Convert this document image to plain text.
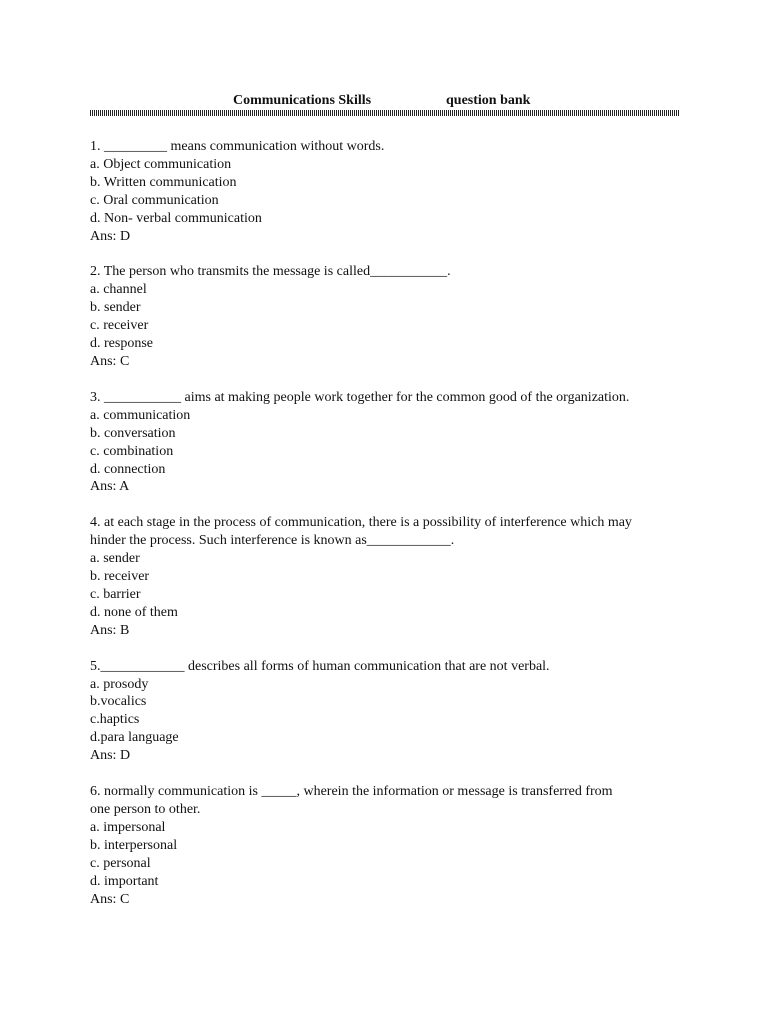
Communications Skills	question bank
1. _________ means communication without words.
a. Object communication
b. Written communication
c. Oral communication
d. Non- verbal communication
Ans: D
2. The person who transmits the message is called___________.
a. channel
b. sender
c. receiver
d. response
Ans: C
3. ___________ aims at making people work together for the common good of the organization.
a. communication
b. conversation
c. combination
d. connection
Ans: A
4. at each stage in the process of communication, there is a possibility of interference which may
hinder the process. Such interference is known as____________.
a. sender
b. receiver
c. barrier
d. none of them
Ans: B
5.____________ describes all forms of human communication that are not verbal.
a. prosody
b.vocalics
c.haptics
d.para language
Ans: D
6. normally communication is _____, wherein the information or message is transferred from
one person to other.
a. impersonal
b. interpersonal
c. personal
d. important
Ans: C
